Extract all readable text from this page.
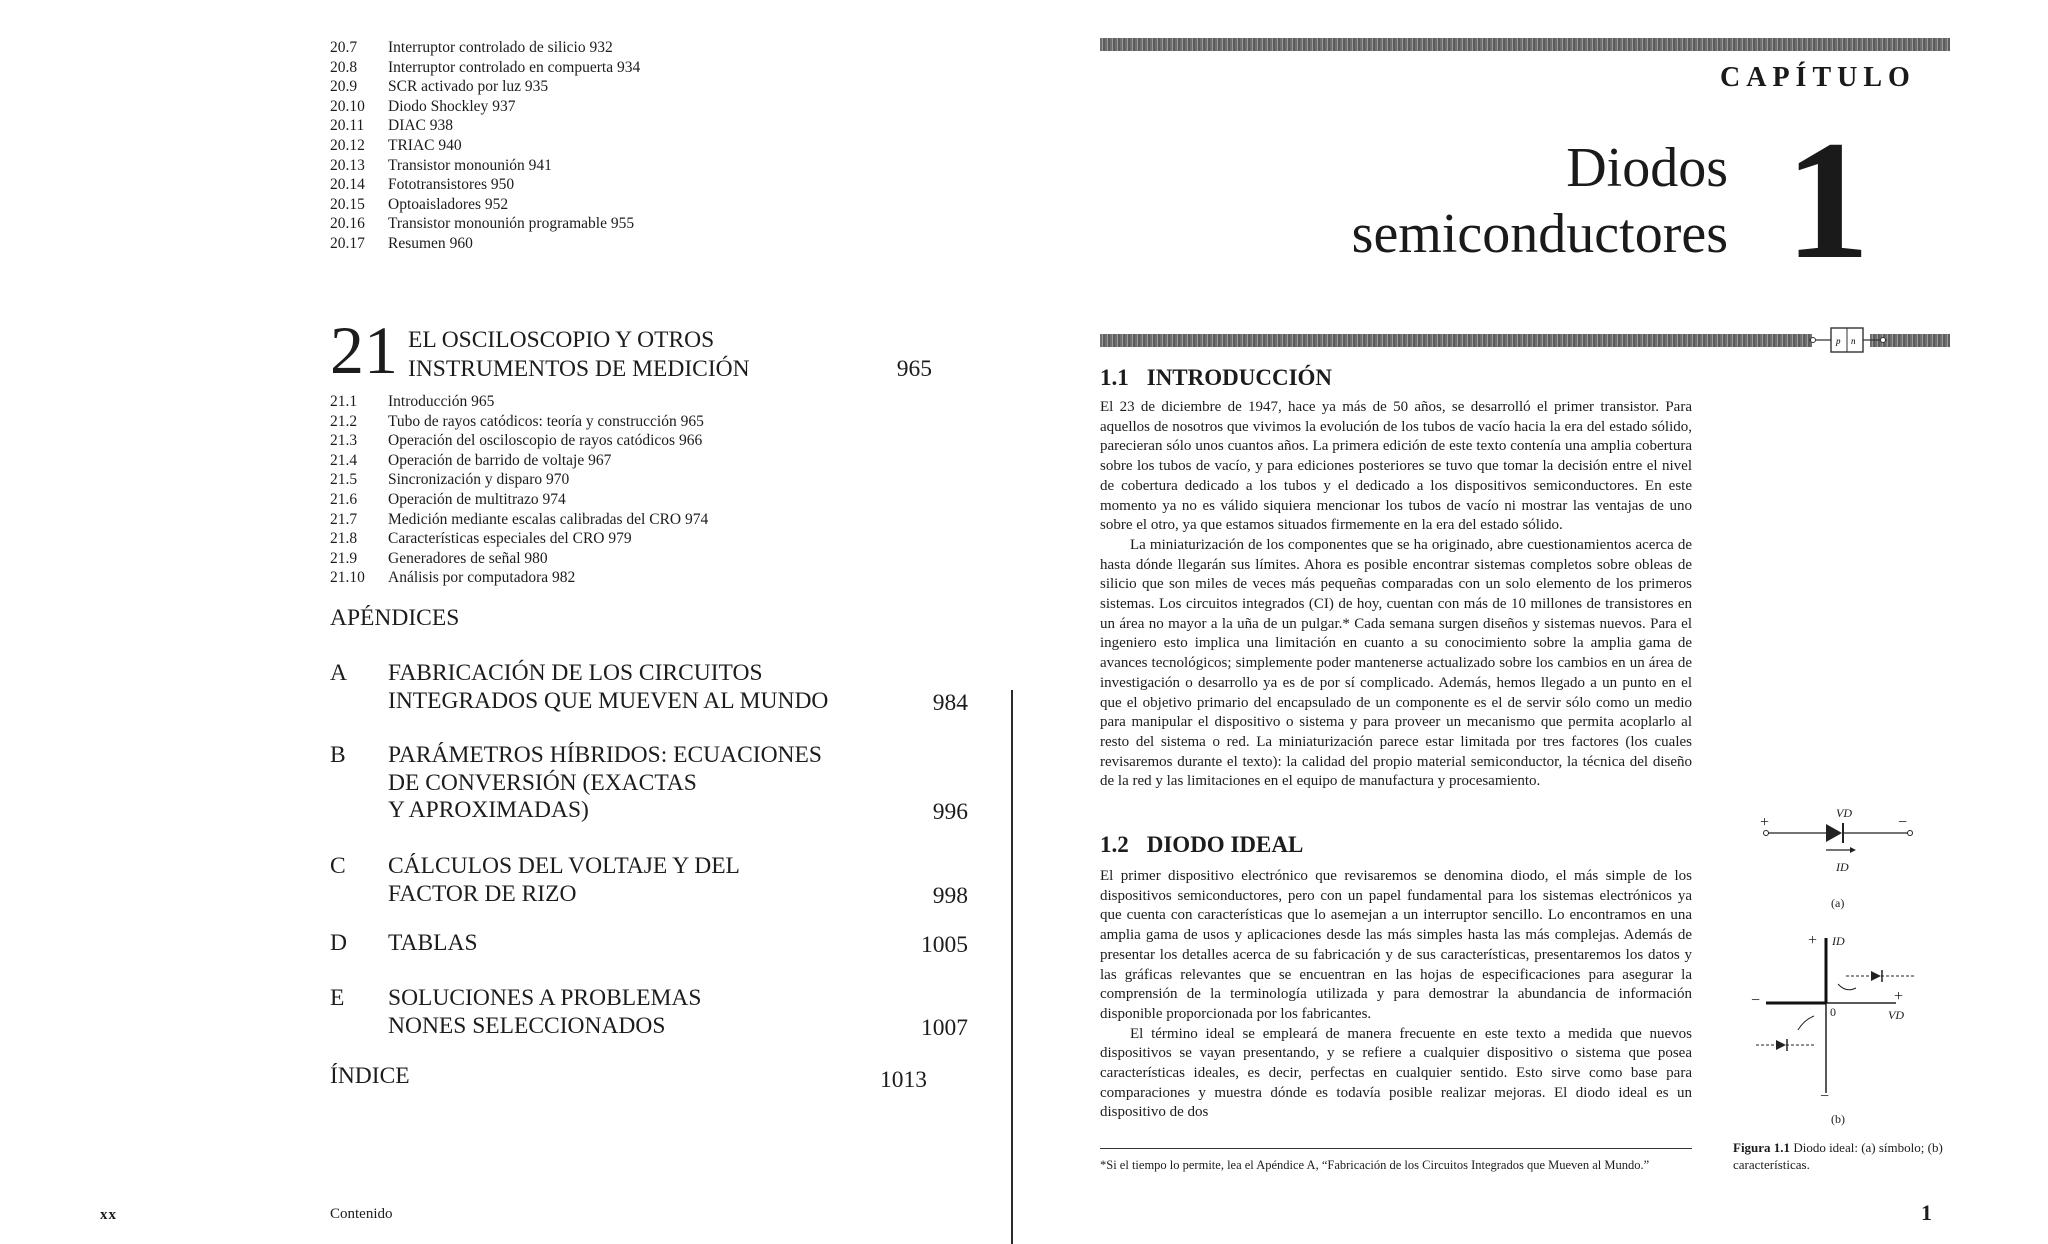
20.7	Interruptor controlado de silicio 932
20.8	Interruptor controlado en compuerta 934
20.9	SCR activado por luz 935
20.10	Diodo Shockley 937
20.11	DIAC 938
20.12	TRIAC 940
20.13	Transistor monounión 941
20.14	Fototransistores 950
20.15	Optoaisladores 952
20.16	Transistor monounión programable 955
20.17	Resumen 960
21 EL OSCILOSCOPIO Y OTROS
INSTRUMENTOS DE MEDICIÓN	965
21.1	Introducción 965
21.2	Tubo de rayos catódicos: teoría y construcción 965
21.3	Operación del osciloscopio de rayos catódicos 966
21.4	Operación de barrido de voltaje 967
21.5	Sincronización y disparo 970
21.6	Operación de multitrazo 974
21.7	Medición mediante escalas calibradas del CRO 974
21.8	Características especiales del CRO 979
21.9	Generadores de señal 980
21.10	Análisis por computadora 982
APÉNDICES
A FABRICACIÓN DE LOS CIRCUITOS
INTEGRADOS QUE MUEVEN AL MUNDO	984
B PARÁMETROS HÍBRIDOS: ECUACIONES
DE CONVERSIÓN (EXACTAS
Y APROXIMADAS)	996
C CÁLCULOS DEL VOLTAJE Y DEL
FACTOR DE RIZO	998
D TABLAS	1005
E SOLUCIONES A PROBLEMAS
NONES SELECCIONADOS	1007
ÍNDICE	1013
xx	Contenido
CAPÍTULO
Diodos
semiconductores 1
p n
1.1 INTRODUCCIÓN

El 23 de diciembre de 1947, hace ya más de 50 años, se desarrolló el primer transistor. Para aquellos de nosotros que vivimos la evolución de los tubos de vacío hacia la era del estado sólido, parecieran sólo unos cuantos años. La primera edición de este texto contenía una amplia cobertura sobre los tubos de vacío, y para ediciones posteriores se tuvo que tomar la decisión entre el nivel de cobertura dedicado a los tubos y el dedicado a los dispositivos semiconductores. En este momento ya no es válido siquiera mencionar los tubos de vacío ni mostrar las ventajas de uno sobre el otro, ya que estamos situados firmemente en la era del estado sólido.

La miniaturización de los componentes que se ha originado, abre cuestionamientos acerca de hasta dónde llegarán sus límites. Ahora es posible encontrar sistemas completos sobre obleas de silicio que son miles de veces más pequeñas comparadas con un solo elemento de los primeros sistemas. Los circuitos integrados (CI) de hoy, cuentan con más de 10 millones de transistores en un área no mayor a la uña de un pulgar.* Cada semana surgen diseños y sistemas nuevos. Para el ingeniero esto implica una limitación en cuanto a su conocimiento sobre la amplia gama de avances tecnológicos; simplemente poder mantenerse actualizado sobre los cambios en un área de investigación o desarrollo ya es de por sí complicado. Además, hemos llegado a un punto en el que el objetivo primario del encapsulado de un componente es el de servir sólo como un medio para manipular el dispositivo o sistema y para proveer un mecanismo que permita acoplarlo al resto del sistema o red. La miniaturización parece estar limitada por tres factores (los cuales revisaremos durante el texto): la calidad del propio material semiconductor, la técnica del diseño de la red y las limitaciones en el equipo de manufactura y procesamiento.

1.2 DIODO IDEAL

El primer dispositivo electrónico que revisaremos se denomina diodo, el más simple de los dispositivos semiconductores, pero con un papel fundamental para los sistemas electrónicos ya que cuenta con características que lo asemejan a un interruptor sencillo. Lo encontramos en una amplia gama de usos y aplicaciones desde las más simples hasta las más complejas. Además de presentar los detalles acerca de su fabricación y de sus características, presentaremos los datos y las gráficas relevantes que se encuentran en las hojas de especificaciones para asegurar la comprensión de la terminología utilizada y para demostrar la abundancia de información disponible proporcionada por los fabricantes.

El término ideal se empleará de manera frecuente en este texto a medida que nuevos dispositivos se vayan presentando, y se refiere a cualquier dispositivo o sistema que posea características ideales, es decir, perfectas en cualquier sentido. Esto sirve como base para comparaciones y muestra dónde es todavía posible realizar mejoras. El diodo ideal es un dispositivo de dos

+	−
VD
ID
(a)
+ ID
VD
+
0
−
−
(b)
Figura 1.1 Diodo ideal: (a) símbolo; (b) características.
*Si el tiempo lo permite, lea el Apéndice A, “Fabricación de los Circuitos Integrados que Mueven al Mundo.”
1
